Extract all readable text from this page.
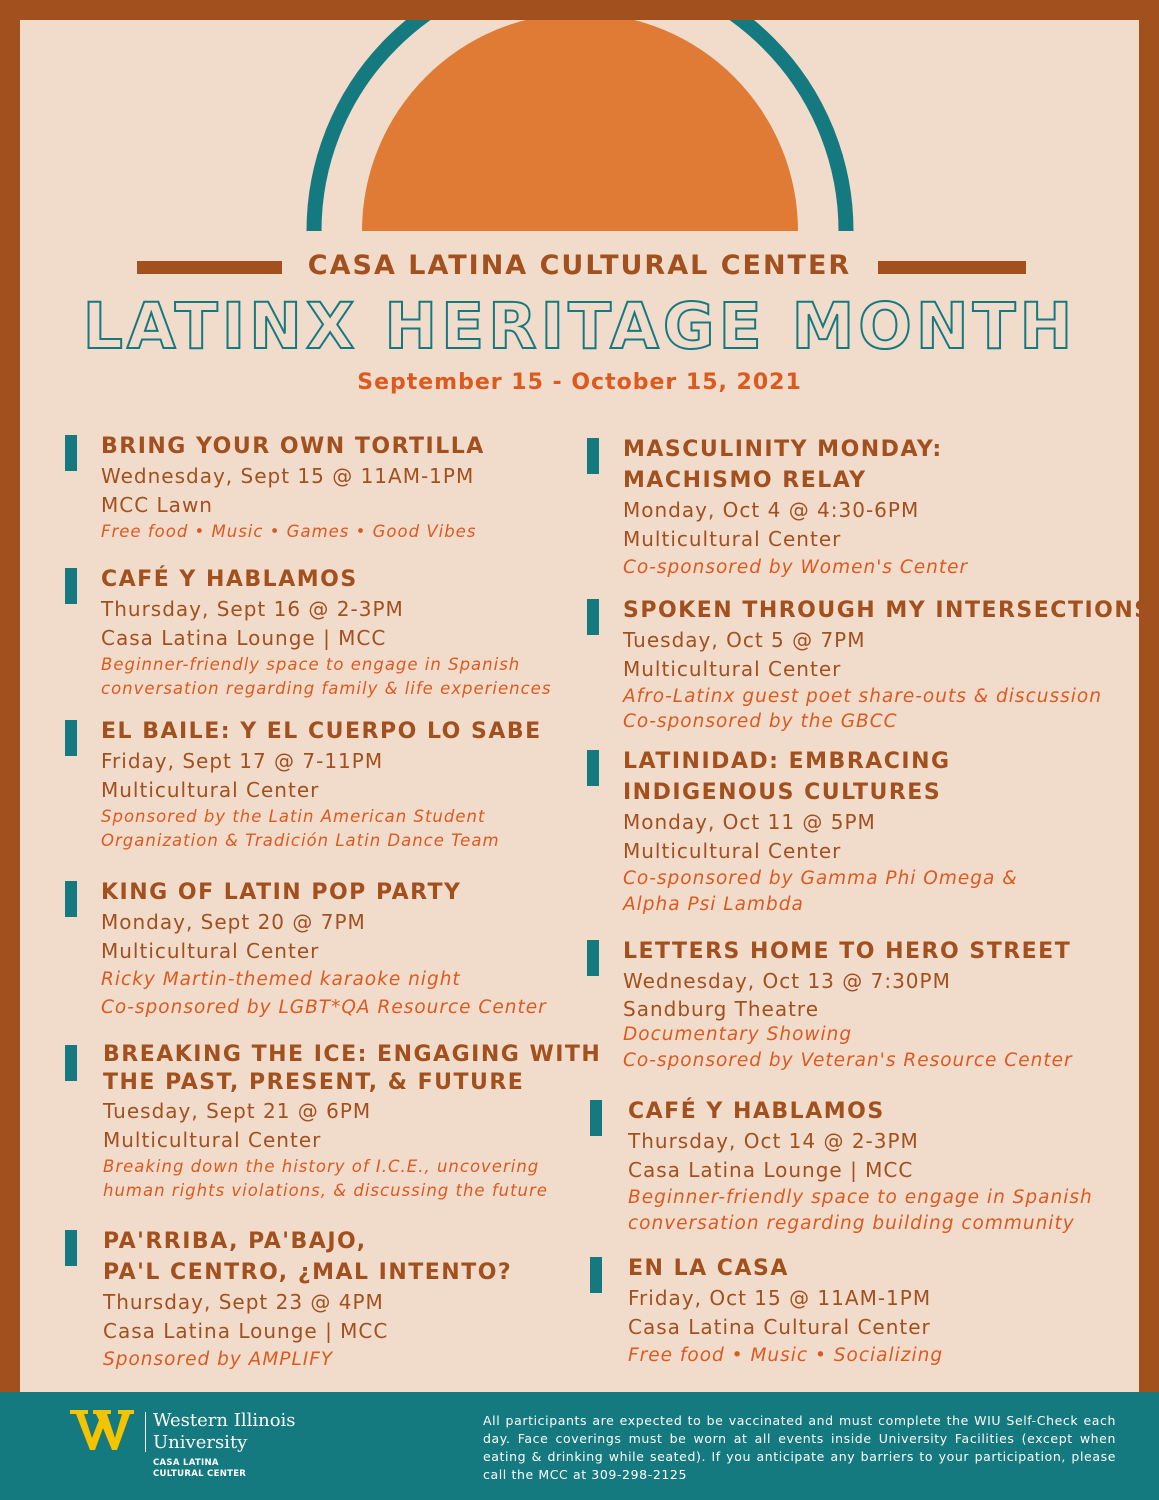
CASA LATINA CULTURAL CENTER
LATINX HERITAGE MONTH
September 15 - October 15, 2021
BRING YOUR OWN TORTILLA
Wednesday, Sept 15 @ 11AM-1PM
MCC Lawn
Free food • Music • Games • Good Vibes
CAFÉ Y HABLAMOS
Thursday, Sept 16 @ 2-3PM
Casa Latina Lounge | MCC
Beginner-friendly space to engage in Spanish
conversation regarding family & life experiences
EL BAILE: Y EL CUERPO LO SABE
Friday, Sept 17 @ 7-11PM
Multicultural Center
Sponsored by the Latin American Student
Organization & Tradición Latin Dance Team
KING OF LATIN POP PARTY
Monday, Sept 20 @ 7PM
Multicultural Center
Ricky Martin-themed karaoke night
Co-sponsored by LGBT*QA Resource Center
BREAKING THE ICE: ENGAGING WITH
THE PAST, PRESENT, & FUTURE
Tuesday, Sept 21 @ 6PM
Multicultural Center
Breaking down the history of I.C.E., uncovering
human rights violations, & discussing the future
PA'RRIBA, PA'BAJO,
PA'L CENTRO, ¿MAL INTENTO?
Thursday, Sept 23 @ 4PM
Casa Latina Lounge | MCC
Sponsored by AMPLIFY
MASCULINITY MONDAY:
MACHISMO RELAY
Monday, Oct 4 @ 4:30-6PM
Multicultural Center
Co-sponsored by Women's Center
SPOKEN THROUGH MY INTERSECTIONS
Tuesday, Oct 5 @ 7PM
Multicultural Center
Afro-Latinx guest poet share-outs & discussion
Co-sponsored by the GBCC
LATINIDAD: EMBRACING
INDIGENOUS CULTURES
Monday, Oct 11 @ 5PM
Multicultural Center
Co-sponsored by Gamma Phi Omega &
Alpha Psi Lambda
LETTERS HOME TO HERO STREET
Wednesday, Oct 13 @ 7:30PM
Sandburg Theatre
Documentary Showing
Co-sponsored by Veteran's Resource Center
CAFÉ Y HABLAMOS
Thursday, Oct 14 @ 2-3PM
Casa Latina Lounge | MCC
Beginner-friendly space to engage in Spanish
conversation regarding building community
EN LA CASA
Friday, Oct 15 @ 11AM-1PM
Casa Latina Cultural Center
Free food • Music • Socializing
Western Illinois
University
CASA LATINA
CULTURAL CENTER
All participants are expected to be vaccinated and must complete the WIU Self-Check each day. Face coverings must be worn at all events inside University Facilities (except when eating & drinking while seated). If you anticipate any barriers to your participation, please call the MCC at 309-298-2125
